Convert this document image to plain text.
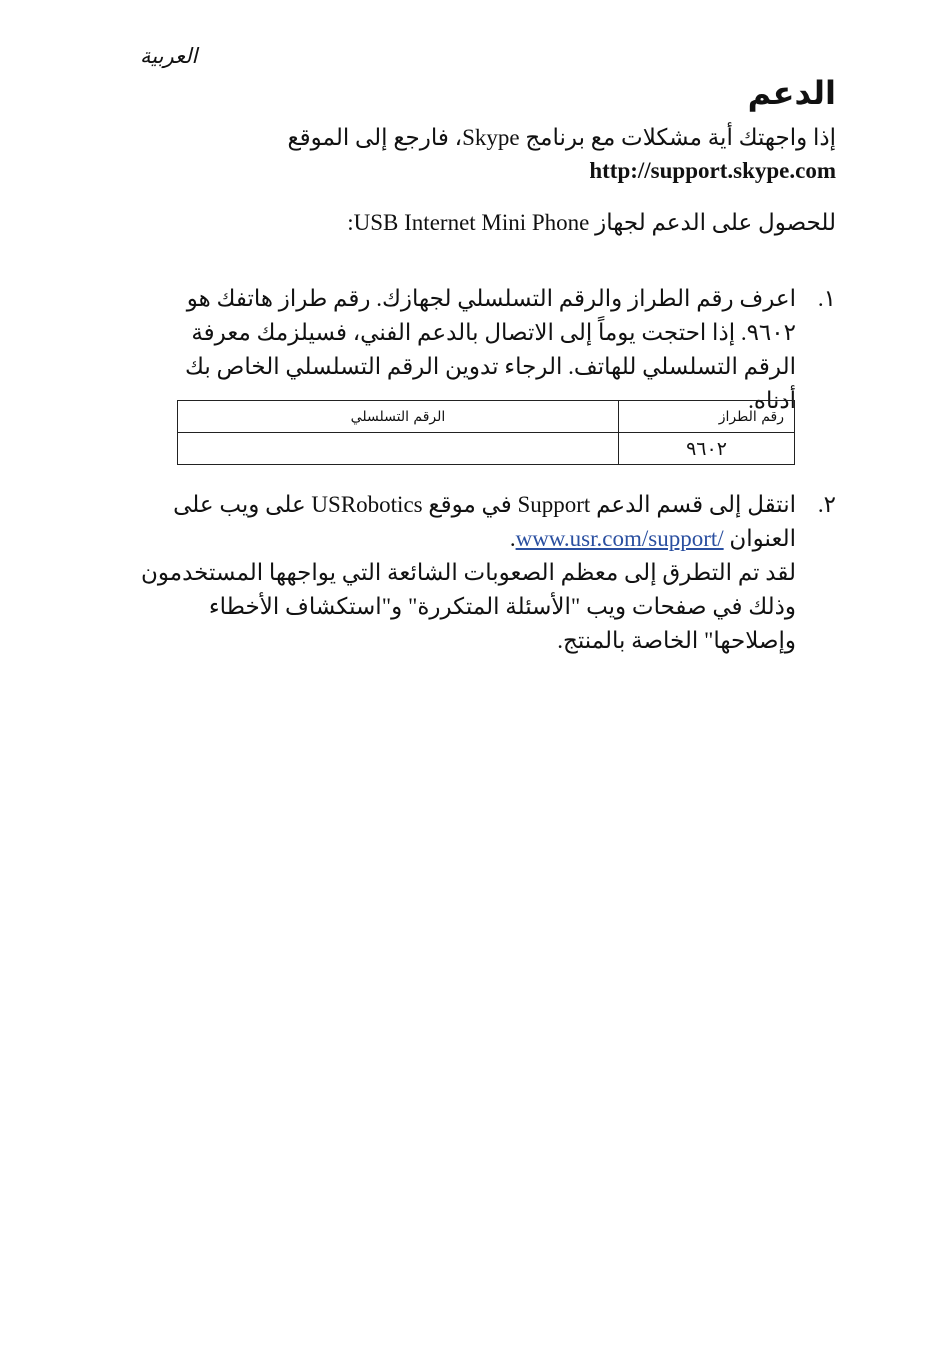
العربية
الدعم
إذا واجهتك أية مشكلات مع برنامج Skype، فارجع إلى الموقع
http://support.skype.com
للحصول على الدعم لجهاز USB Internet Mini Phone:
١.
اعرف رقم الطراز والرقم التسلسلي لجهازك. رقم طراز هاتفك هو ٩٦٠٢. إذا احتجت يوماً إلى الاتصال بالدعم الفني، فسيلزمك معرفة الرقم التسلسلي للهاتف. الرجاء تدوين الرقم التسلسلي الخاص بك أدناه.
رقم الطراز	الرقم التسلسلي
٩٦٠٢	
٢.
انتقل إلى قسم الدعم Support في موقع USRobotics على ويب على العنوان www.usr.com/support/.
لقد تم التطرق إلى معظم الصعوبات الشائعة التي يواجهها المستخدمون وذلك في صفحات ويب "الأسئلة المتكررة" و"استكشاف الأخطاء وإصلاحها" الخاصة بالمنتج.
